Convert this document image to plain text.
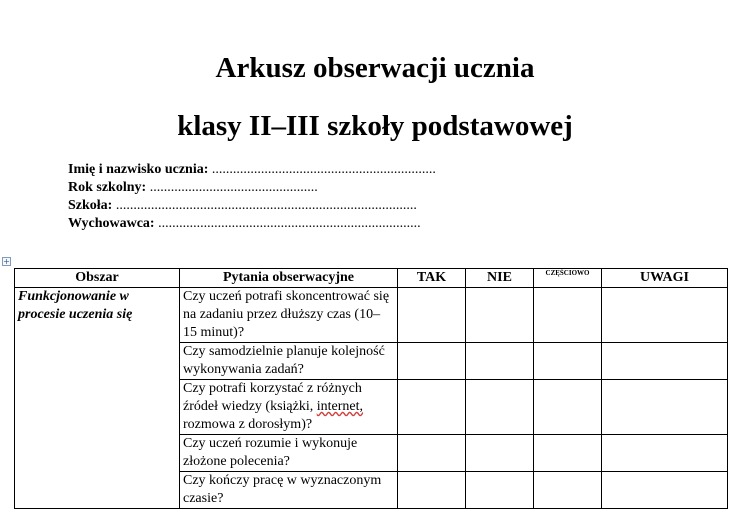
Arkusz obserwacji ucznia
klasy II–III szkoły podstawowej
Imię i nazwisko ucznia: ................................................................
Rok szkolny: ................................................
Szkoła: ......................................................................................
Wychowawca: ...........................................................................
+
Obszar	Pytania obserwacyjne	TAK	NIE	CZĘŚCIOWO	UWAGI
Funkcjonowanie w procesie uczenia się	Czy uczeń potrafi skoncentrować się na zadaniu przez dłuższy czas (10–15 minut)?				
	Czy samodzielnie planuje kolejność wykonywania zadań?				
	Czy potrafi korzystać z różnych źródeł wiedzy (książki, internet, rozmowa z dorosłym)?				
	Czy uczeń rozumie i wykonuje złożone polecenia?				
	Czy kończy pracę w wyznaczonym czasie?				
